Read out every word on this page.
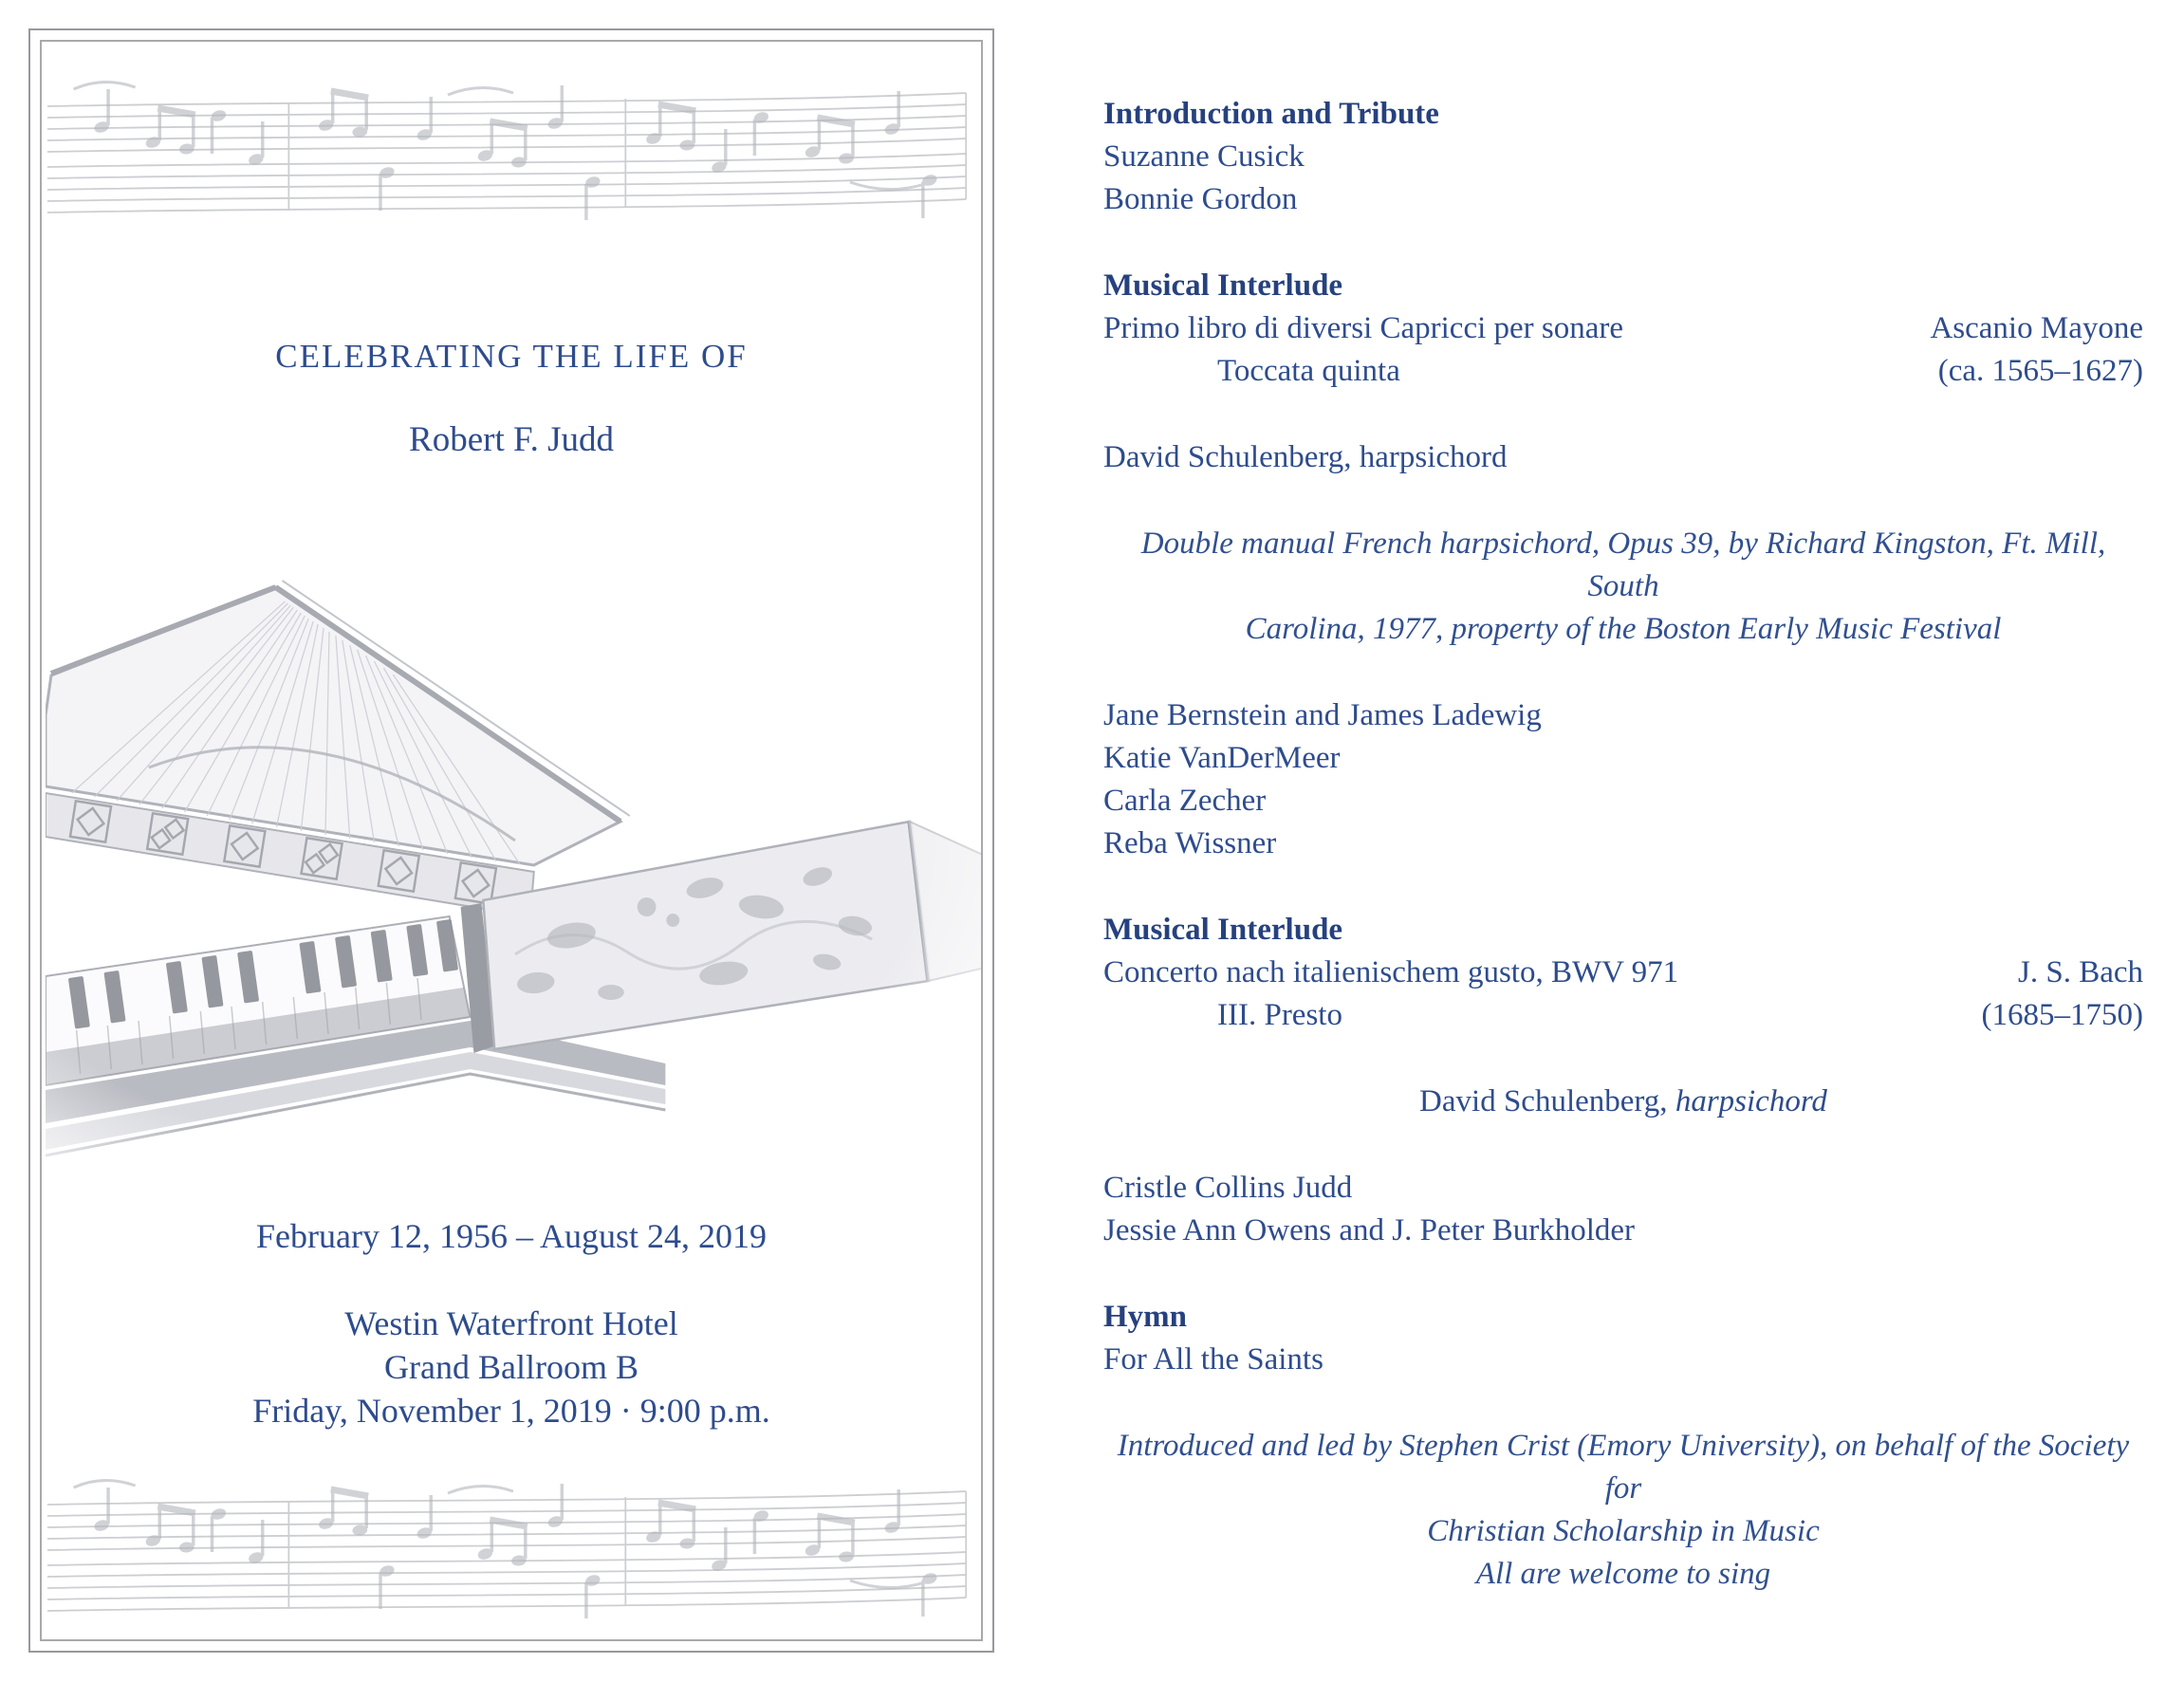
CELEBRATING THE LIFE OF
Robert F. Judd
February 12, 1956 – August 24, 2019
Westin Waterfront Hotel
Grand Ballroom B
Friday, November 1, 2019 · 9:00 p.m.
Introduction and Tribute
Suzanne Cusick
Bonnie Gordon
Musical Interlude
Primo libro di diversi Capricci per sonare	Ascanio Mayone
Toccata quinta	(ca. 1565–1627)
David Schulenberg, harpsichord
Double manual French harpsichord, Opus 39, by Richard Kingston, Ft. Mill, South
Carolina, 1977, property of the Boston Early Music Festival
Jane Bernstein and James Ladewig
Katie VanDerMeer
Carla Zecher
Reba Wissner
Musical Interlude
Concerto nach italienischem gusto, BWV 971	J. S. Bach
III. Presto	(1685–1750)
David Schulenberg, harpsichord
Cristle Collins Judd
Jessie Ann Owens and J. Peter Burkholder
Hymn
For All the Saints
Introduced and led by Stephen Crist (Emory University), on behalf of the Society for
Christian Scholarship in Music
All are welcome to sing
